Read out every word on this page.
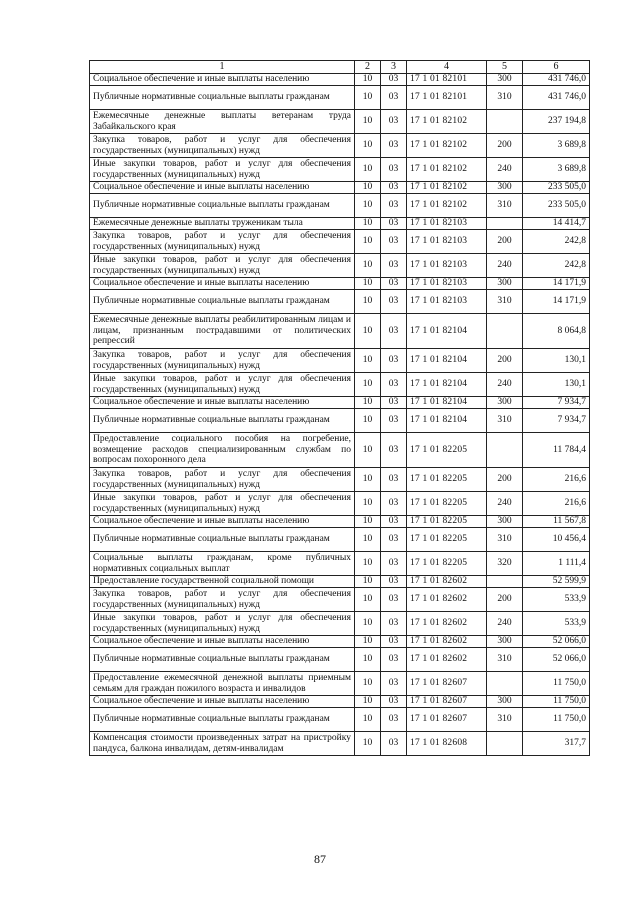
1	2	3	4	5	6
Социальное обеспечение и иные выплаты населению	10	03	17 1 01 82101	300	431 746,0
Публичные нормативные социальные выплаты гражданам	10	03	17 1 01 82101	310	431 746,0
Ежемесячные денежные выплаты ветеранам труда Забайкальского края	10	03	17 1 01 82102		237 194,8
Закупка товаров, работ и услуг для обеспечения государственных (муниципальных) нужд	10	03	17 1 01 82102	200	3 689,8
Иные закупки товаров, работ и услуг для обеспечения государственных (муниципальных) нужд	10	03	17 1 01 82102	240	3 689,8
Социальное обеспечение и иные выплаты населению	10	03	17 1 01 82102	300	233 505,0
Публичные нормативные социальные выплаты гражданам	10	03	17 1 01 82102	310	233 505,0
Ежемесячные денежные выплаты труженикам тыла	10	03	17 1 01 82103		14 414,7
Закупка товаров, работ и услуг для обеспечения государственных (муниципальных) нужд	10	03	17 1 01 82103	200	242,8
Иные закупки товаров, работ и услуг для обеспечения государственных (муниципальных) нужд	10	03	17 1 01 82103	240	242,8
Социальное обеспечение и иные выплаты населению	10	03	17 1 01 82103	300	14 171,9
Публичные нормативные социальные выплаты гражданам	10	03	17 1 01 82103	310	14 171,9
Ежемесячные денежные выплаты реабилитированным лицам и лицам, признанным пострадавшими от политических репрессий	10	03	17 1 01 82104		8 064,8
Закупка товаров, работ и услуг для обеспечения государственных (муниципальных) нужд	10	03	17 1 01 82104	200	130,1
Иные закупки товаров, работ и услуг для обеспечения государственных (муниципальных) нужд	10	03	17 1 01 82104	240	130,1
Социальное обеспечение и иные выплаты населению	10	03	17 1 01 82104	300	7 934,7
Публичные нормативные социальные выплаты гражданам	10	03	17 1 01 82104	310	7 934,7
Предоставление социального пособия на погребение, возмещение расходов специализированным службам по вопросам похоронного дела	10	03	17 1 01 82205		11 784,4
Закупка товаров, работ и услуг для обеспечения государственных (муниципальных) нужд	10	03	17 1 01 82205	200	216,6
Иные закупки товаров, работ и услуг для обеспечения государственных (муниципальных) нужд	10	03	17 1 01 82205	240	216,6
Социальное обеспечение и иные выплаты населению	10	03	17 1 01 82205	300	11 567,8
Публичные нормативные социальные выплаты гражданам	10	03	17 1 01 82205	310	10 456,4
Социальные выплаты гражданам, кроме публичных нормативных социальных выплат	10	03	17 1 01 82205	320	1 111,4
Предоставление государственной социальной помощи	10	03	17 1 01 82602		52 599,9
Закупка товаров, работ и услуг для обеспечения государственных (муниципальных) нужд	10	03	17 1 01 82602	200	533,9
Иные закупки товаров, работ и услуг для обеспечения государственных (муниципальных) нужд	10	03	17 1 01 82602	240	533,9
Социальное обеспечение и иные выплаты населению	10	03	17 1 01 82602	300	52 066,0
Публичные нормативные социальные выплаты гражданам	10	03	17 1 01 82602	310	52 066,0
Предоставление ежемесячной денежной выплаты приемным семьям для граждан пожилого возраста и инвалидов	10	03	17 1 01 82607		11 750,0
Социальное обеспечение и иные выплаты населению	10	03	17 1 01 82607	300	11 750,0
Публичные нормативные социальные выплаты гражданам	10	03	17 1 01 82607	310	11 750,0
Компенсация стоимости произведенных затрат на пристройку пандуса, балкона инвалидам, детям-инвалидам	10	03	17 1 01 82608		317,7
87
